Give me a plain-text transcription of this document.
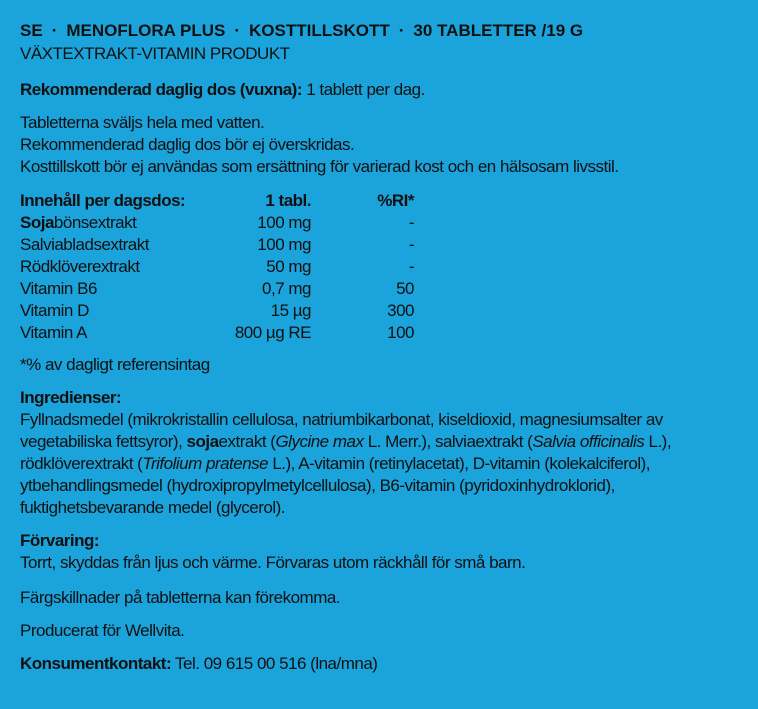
SE · MENOFLORA PLUS · KOSTTILLSKOTT · 30 TABLETTER /19 G
VÄXTEXTRAKT-VITAMIN PRODUKT
Rekommenderad daglig dos (vuxna): 1 tablett per dag.
Tabletterna sväljs hela med vatten.
Rekommenderad daglig dos bör ej överskridas.
Kosttillskott bör ej användas som ersättning för varierad kost och en hälsosam livsstil.
Innehåll per dagsdos:	1 tabl.	%RI*
Soja bönsextrakt	100 mg	-
Salviabladsextrakt	100 mg	-
Rödklöverextrakt	50 mg	-
Vitamin B6	0,7 mg	50
Vitamin D	15 µg	300
Vitamin A	800 µg RE	100
*% av dagligt referensintag
Ingredienser:
Fyllnadsmedel (mikrokristallin cellulosa, natriumbikarbonat, kiseldioxid, magnesiumsalter av
vegetabiliska fettsyror), sojaextrakt (Glycine max L. Merr.), salviaextrakt (Salvia officinalis L.),
rödklöverextrakt (Trifolium pratense L.), A-vitamin (retinylacetat), D-vitamin (kolekalciferol),
ytbehandlingsmedel (hydroxipropylmetylcellulosa), B6-vitamin (pyridoxinhydroklorid),
fuktighetsbevarande medel (glycerol).
Förvaring:
Torrt, skyddas från ljus och värme. Förvaras utom räckhåll för små barn.
Färgskillnader på tabletterna kan förekomma.
Producerat för Wellvita.
Konsumentkontakt: Tel. 09 615 00 516 (lna/mna)
